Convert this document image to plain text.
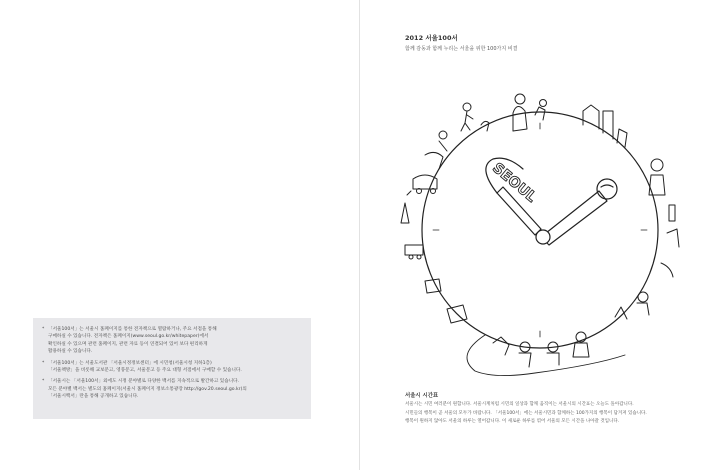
* 「서울100서」는 서울시 홈페이지를 통한 전자책으로 열람하거나, 주요 서점을 통해
구매하실 수 있습니다. 전자책은 홈페이지(www.seoul.go.kr/whitepaper)에서
확인하실 수 있으며 관련 홈페이지, 관련 자료 등이 연결되어 있어 보다 편리하게
활용하실 수 있습니다.
* 「서울100서」는 서울도서관 「서울시정정보센터」에 시민청(서울시청 지하1층)
「서울책방」을 비롯해 교보문고, 영풍문고, 서울문고 등 주요 대형 서점에서 구매할 수 있습니다.
* 「서울시는 「서울100서」외에도 시정 분야별로 다양한 백서를 지속적으로 발간하고 있습니다.
모든 분야별 백서는 별도의 홈페이지(서울시 홈페이지 정보소통광장 http://gov.20.seoul.go.kr)의
「서울시백서」란을 통해 공개하고 있습니다.
2012 서울100서
함께 감동과 함께 누리는 서울을 위한 100가지 비결
SEOUL
서울시 시간표
서울시는 시민 여러분이 원합니다. 서울시계처럼 시민의 일상과 함께 움직이는 서울시의 시간표는 오늘도 돌아갑니다.
시민들의 행복이 곧 서울의 모두가 바랍니다. 「서울100서」에는 서울시민과 함께하는 100가지의 행복이 담겨져 있습니다.
행복이 원하지 않아도 서울의 하루는 열어갑니다. 이 새로운 하루를 엮어 서울의 모든 시간을 나아갈 것입니다.
